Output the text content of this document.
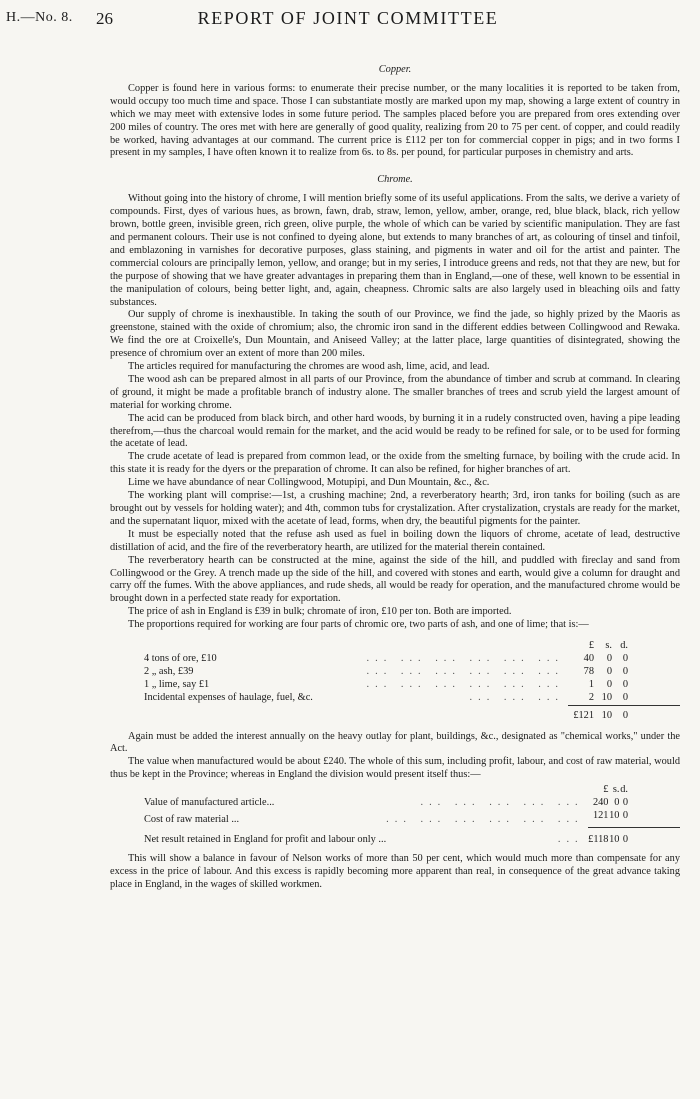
H.—No. 8. 26	REPORT OF JOINT COMMITTEE
Copper.

Copper is found here in various forms: to enumerate their precise number, or the many localities it is reported to be taken from, would occupy too much time and space. Those I can substantiate mostly are marked upon my map, showing a large extent of country in which we may meet with extensive lodes in some future period. The samples placed before you are prepared from ores extending over 200 miles of country. The ores met with here are generally of good quality, realizing from 20 to 75 per cent. of copper, and could readily be worked, having advantages at our command. The current price is £112 per ton for commercial copper in pigs; and in two forms I present in my samples, I have often known it to realize from 6s. to 8s. per pound, for particular purposes in chemistry and arts.

Chrome.

Without going into the history of chrome, I will mention briefly some of its useful applications. From the salts, we derive a variety of compounds. First, dyes of various hues, as brown, fawn, drab, straw, lemon, yellow, amber, orange, red, blue black, black, rich yellow brown, bottle green, invisible green, rich green, olive purple, the whole of which can be varied by scientific manipulation. They are fast and permanent colours. Their use is not confined to dyeing alone, but extends to many branches of art, as colouring of tinsel and tinfoil, and emblazoning in varnishes for decorative purposes, glass staining, and pigments in water and oil for the artist and painter. The commercial colours are principally lemon, yellow, and orange; but in my series, I introduce greens and reds, not that they are new, but for the purpose of showing that we have greater advantages in preparing them than in England,—one of these, well known to be essential in the manipulation of colours, being better light, and, again, cheapness. Chromic salts are also largely used in bleaching oils and fatty substances.

Our supply of chrome is inexhaustible. In taking the south of our Province, we find the jade, so highly prized by the Maoris as greenstone, stained with the oxide of chromium; also, the chromic iron sand in the different eddies between Collingwood and Rewaka. We find the ore at Croixelle's, Dun Mountain, and Aniseed Valley; at the latter place, large quantities of disintegrated, showing the presence of chromium over an extent of more than 200 miles.

The articles required for manufacturing the chromes are wood ash, lime, acid, and lead.

The wood ash can be prepared almost in all parts of our Province, from the abundance of timber and scrub at command. In clearing of ground, it might be made a profitable branch of industry alone. The smaller branches of trees and scrub yield the largest amount of material for working chrome.

The acid can be produced from black birch, and other hard woods, by burning it in a rudely constructed oven, having a pipe leading therefrom,—thus the charcoal would remain for the market, and the acid would be ready to be refined for sale, or to be used for forming the acetate of lead.

The crude acetate of lead is prepared from common lead, or the oxide from the smelting furnace, by boiling with the crude acid. In this state it is ready for the dyers or the preparation of chrome. It can also be refined, for higher branches of art.

Lime we have abundance of near Collingwood, Motupipi, and Dun Mountain, &c., &c.

The working plant will comprise:—1st, a crushing machine; 2nd, a reverberatory hearth; 3rd, iron tanks for boiling (such as are brought out by vessels for holding water); and 4th, common tubs for crystalization. After crystalization, crystals are ready for the market, and the supernatant liquor, mixed with the acetate of lead, forms, when dry, the beautiful pigments for the painter.

It must be especially noted that the refuse ash used as fuel in boiling down the liquors of chrome, acetate of lead, destructive distillation of acid, and the fire of the reverberatory hearth, are utilized for the material therein contained.

The reverberatory hearth can be constructed at the mine, against the side of the hill, and puddled with fireclay and sand from Collingwood or the Grey. A trench made up the side of the hill, and covered with stones and earth, would give a column for draught and carry off the fumes. With the above appliances, and rude sheds, all would be ready for operation, and the manufactured chrome would be brought down in a perfected state ready for exportation.

The price of ash in England is £39 in bulk; chromate of iron, £10 per ton. Both are imported.

The proportions required for working are four parts of chromic ore, two parts of ash, and one of lime; that is:—

		£	s.	d.
4 tons of ore, £10	... ... ... ... ... ...	40	0	0
2 „ ash, £39	... ... ... ... ... ...	78	0	0
1 „ lime, say £1	... ... ... ... ... ...	1	0	0
Incidental expenses of haulage, fuel, &c.	... ... ...	2	10	0
		£121	10	0

Again must be added the interest annually on the heavy outlay for plant, buildings, &c., designated as "chemical works," under the Act.

The value when manufactured would be about £240. The whole of this sum, including profit, labour, and cost of raw material, would thus be kept in the Province; whereas in England the division would present itself thus:—

		£	s.	d.
Value of manufactured article...	... ... ... ... ...	240	0	0
Cost of raw material ...	... ... ... ... ... ...	121	10	0
Net result retained in England for profit and labour only ...	...	£118	10	0

This will show a balance in favour of Nelson works of more than 50 per cent, which would much more than compensate for any excess in the price of labour. And this excess is rapidly becoming more apparent than real, in consequence of the great advance taking place in England, in the wages of skilled workmen.
